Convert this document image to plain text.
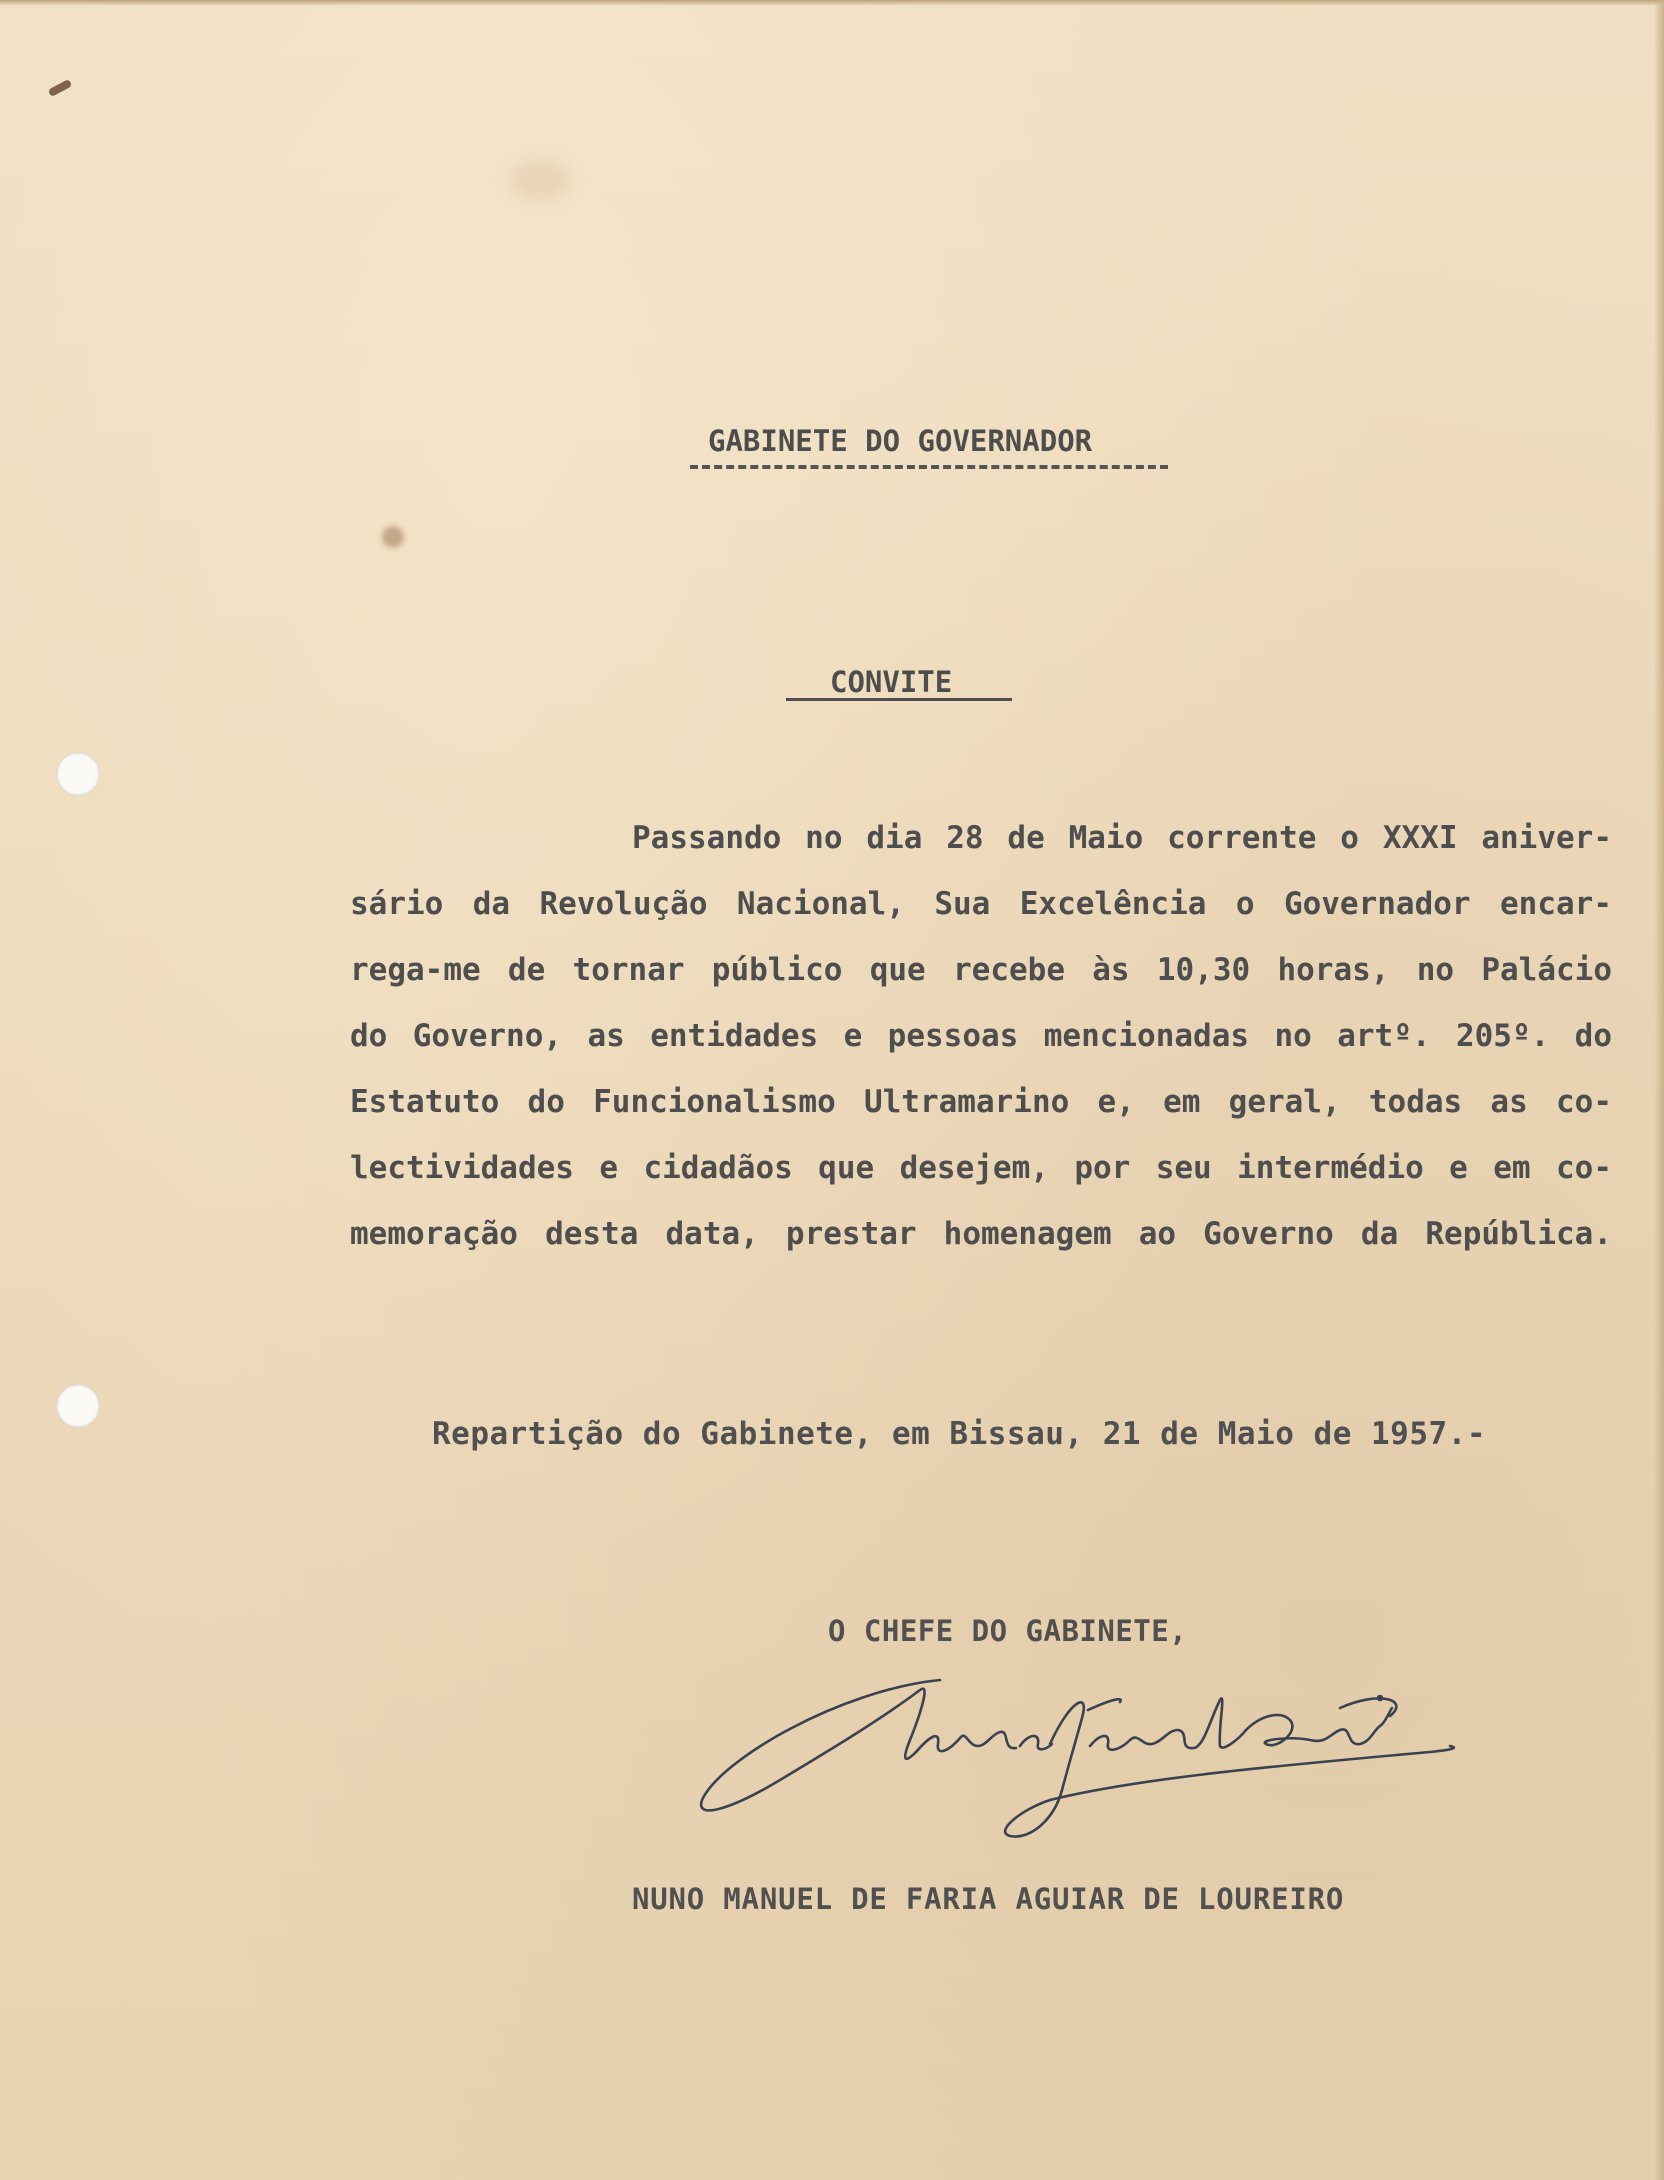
GABINETE DO GOVERNADOR
CONVITE
Passando no dia 28 de Maio corrente o XXXI aniver-
sário da Revolução Nacional, Sua Excelência o Governador encar-
rega-me de tornar público que recebe às 10,30 horas, no Palácio
do Governo, as entidades e pessoas mencionadas no artº. 205º. do
Estatuto do Funcionalismo Ultramarino e, em geral, todas as co-
lectividades e cidadãos que desejem, por seu intermédio e em co-
memoração desta data, prestar homenagem ao Governo da República.
Repartição do Gabinete, em Bissau, 21 de Maio de 1957.-
O CHEFE DO GABINETE,
NUNO MANUEL DE FARIA AGUIAR DE LOUREIRO
